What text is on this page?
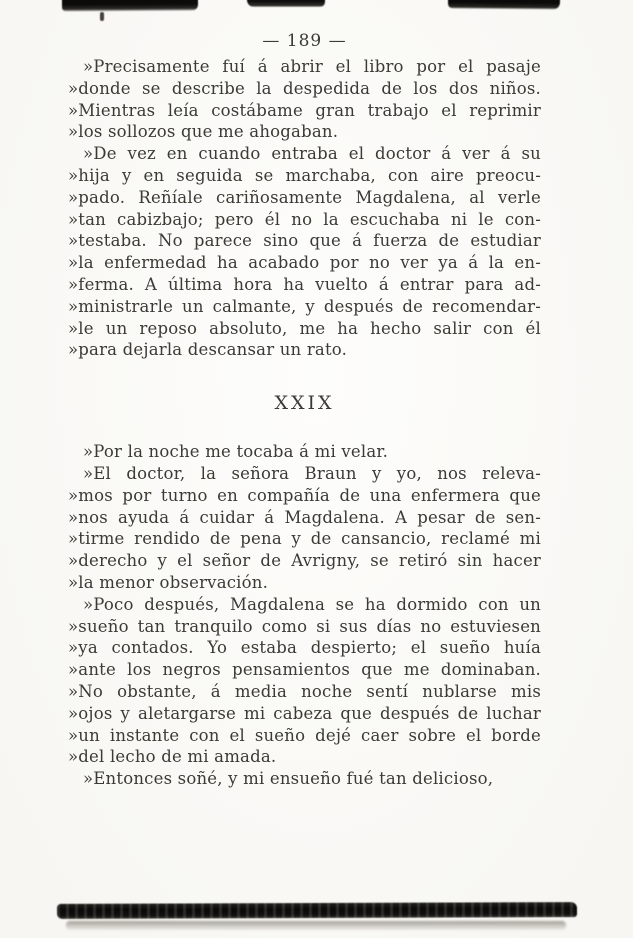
— 189 —
»Precisamente fuí á abrir el libro por el pasaje
»donde se describe la despedida de los dos niños.
»Mientras leía costábame gran trabajo el reprimir
»los sollozos que me ahogaban.
»De vez en cuando entraba el doctor á ver á su
»hija y en seguida se marchaba, con aire preocu-
»pado. Reñíale cariñosamente Magdalena, al verle
»tan cabizbajo; pero él no la escuchaba ni le con-
»testaba. No parece sino que á fuerza de estudiar
»la enfermedad ha acabado por no ver ya á la en-
»ferma. A última hora ha vuelto á entrar para ad-
»ministrarle un calmante, y después de recomendar-
»le un reposo absoluto, me ha hecho salir con él
»para dejarla descansar un rato.
XXIX
»Por la noche me tocaba á mi velar.
»El doctor, la señora Braun y yo, nos releva-
»mos por turno en compañía de una enfermera que
»nos ayuda á cuidar á Magdalena. A pesar de sen-
»tirme rendido de pena y de cansancio, reclamé mi
»derecho y el señor de Avrigny, se retiró sin hacer
»la menor observación.
»Poco después, Magdalena se ha dormido con un
»sueño tan tranquilo como si sus días no estuviesen
»ya contados. Yo estaba despierto; el sueño huía
»ante los negros pensamientos que me dominaban.
»No obstante, á media noche sentí nublarse mis
»ojos y aletargarse mi cabeza que después de luchar
»un instante con el sueño dejé caer sobre el borde
»del lecho de mi amada.
»Entonces soñé, y mi ensueño fué tan delicioso,
